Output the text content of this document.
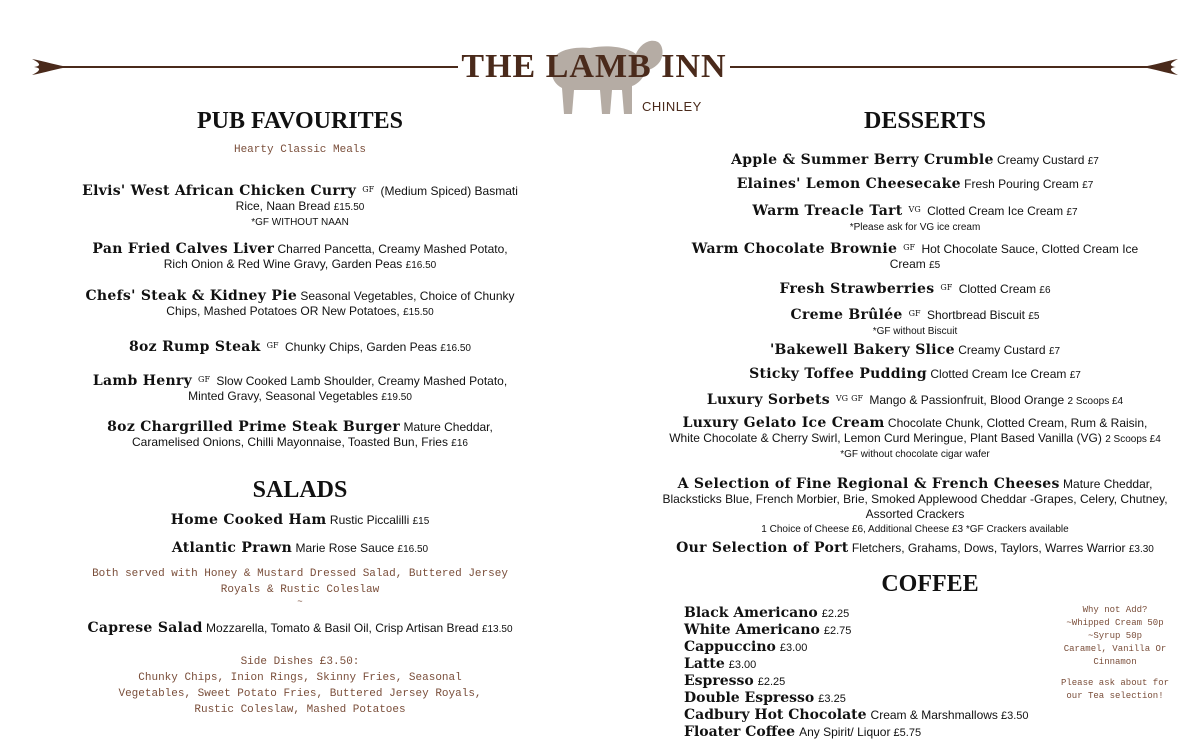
THE LAMB INN
CHINLEY
PUB FAVOURITES
Hearty Classic Meals
Elvis' West African Chicken Curry $^{GF}$ (Medium Spiced) Basmati
Rice, Naan Bread £15.50
*GF WITHOUT NAAN
Pan Fried Calves Liver Charred Pancetta, Creamy Mashed Potato,
Rich Onion & Red Wine Gravy, Garden Peas £16.50
Chefs' Steak & Kidney Pie Seasonal Vegetables, Choice of Chunky
Chips, Mashed Potatoes OR New Potatoes, £15.50
8oz Rump Steak $^{GF}$ Chunky Chips, Garden Peas £16.50
Lamb Henry $^{GF}$ Slow Cooked Lamb Shoulder, Creamy Mashed Potato,
Minted Gravy, Seasonal Vegetables £19.50
8oz Chargrilled Prime Steak Burger Mature Cheddar,
Caramelised Onions, Chilli Mayonnaise, Toasted Bun, Fries £16
SALADS
Home Cooked Ham Rustic Piccalilli £15
Atlantic Prawn Marie Rose Sauce £16.50
Both served with Honey & Mustard Dressed Salad, Buttered Jersey Royals & Rustic Coleslaw
~
Caprese Salad Mozzarella, Tomato & Basil Oil, Crisp Artisan Bread £13.50
Side Dishes £3.50:
Chunky Chips, Inion Rings, Skinny Fries, Seasonal Vegetables, Sweet Potato Fries, Buttered Jersey Royals, Rustic Coleslaw, Mashed Potatoes
DESSERTS
Apple & Summer Berry Crumble Creamy Custard £7
Elaines' Lemon Cheesecake Fresh Pouring Cream £7
Warm Treacle Tart $^{VG}$ Clotted Cream Ice Cream £7
*Please ask for VG ice cream
Warm Chocolate Brownie $^{GF}$ Hot Chocolate Sauce, Clotted Cream Ice
Cream £5
Fresh Strawberries $^{GF}$ Clotted Cream £6
Creme Brûlée $^{GF}$ Shortbread Biscuit £5
*GF without Biscuit
'Bakewell Bakery Slice Creamy Custard £7
Sticky Toffee Pudding Clotted Cream Ice Cream £7
Luxury Sorbets $^{VG}$ $^{GF}$ Mango & Passionfruit, Blood Orange 2 Scoops £4
Luxury Gelato Ice Cream Chocolate Chunk, Clotted Cream, Rum & Raisin,
White Chocolate & Cherry Swirl, Lemon Curd Meringue, Plant Based Vanilla (VG) 2 Scoops £4
*GF without chocolate cigar wafer
A Selection of Fine Regional & French Cheeses Mature Cheddar,
Blacksticks Blue, French Morbier, Brie, Smoked Applewood Cheddar -Grapes, Celery, Chutney, Assorted Crackers
1 Choice of Cheese £6, Additional Cheese £3 *GF Crackers available
Our Selection of Port Fletchers, Grahams, Dows, Taylors, Warres Warrior £3.30
COFFEE
Black Americano £2.25
White Americano £2.75
Cappuccino £3.00
Latte £3.00
Espresso £2.25
Double Espresso £3.25
Cadbury Hot Chocolate Cream & Marshmallows £3.50
Floater Coffee Any Spirit/ Liquor £5.75
Why not Add?
~Whipped Cream 50p
~Syrup 50p
Caramel, Vanilla Or Cinnamon
Please ask about for our Tea selection!
